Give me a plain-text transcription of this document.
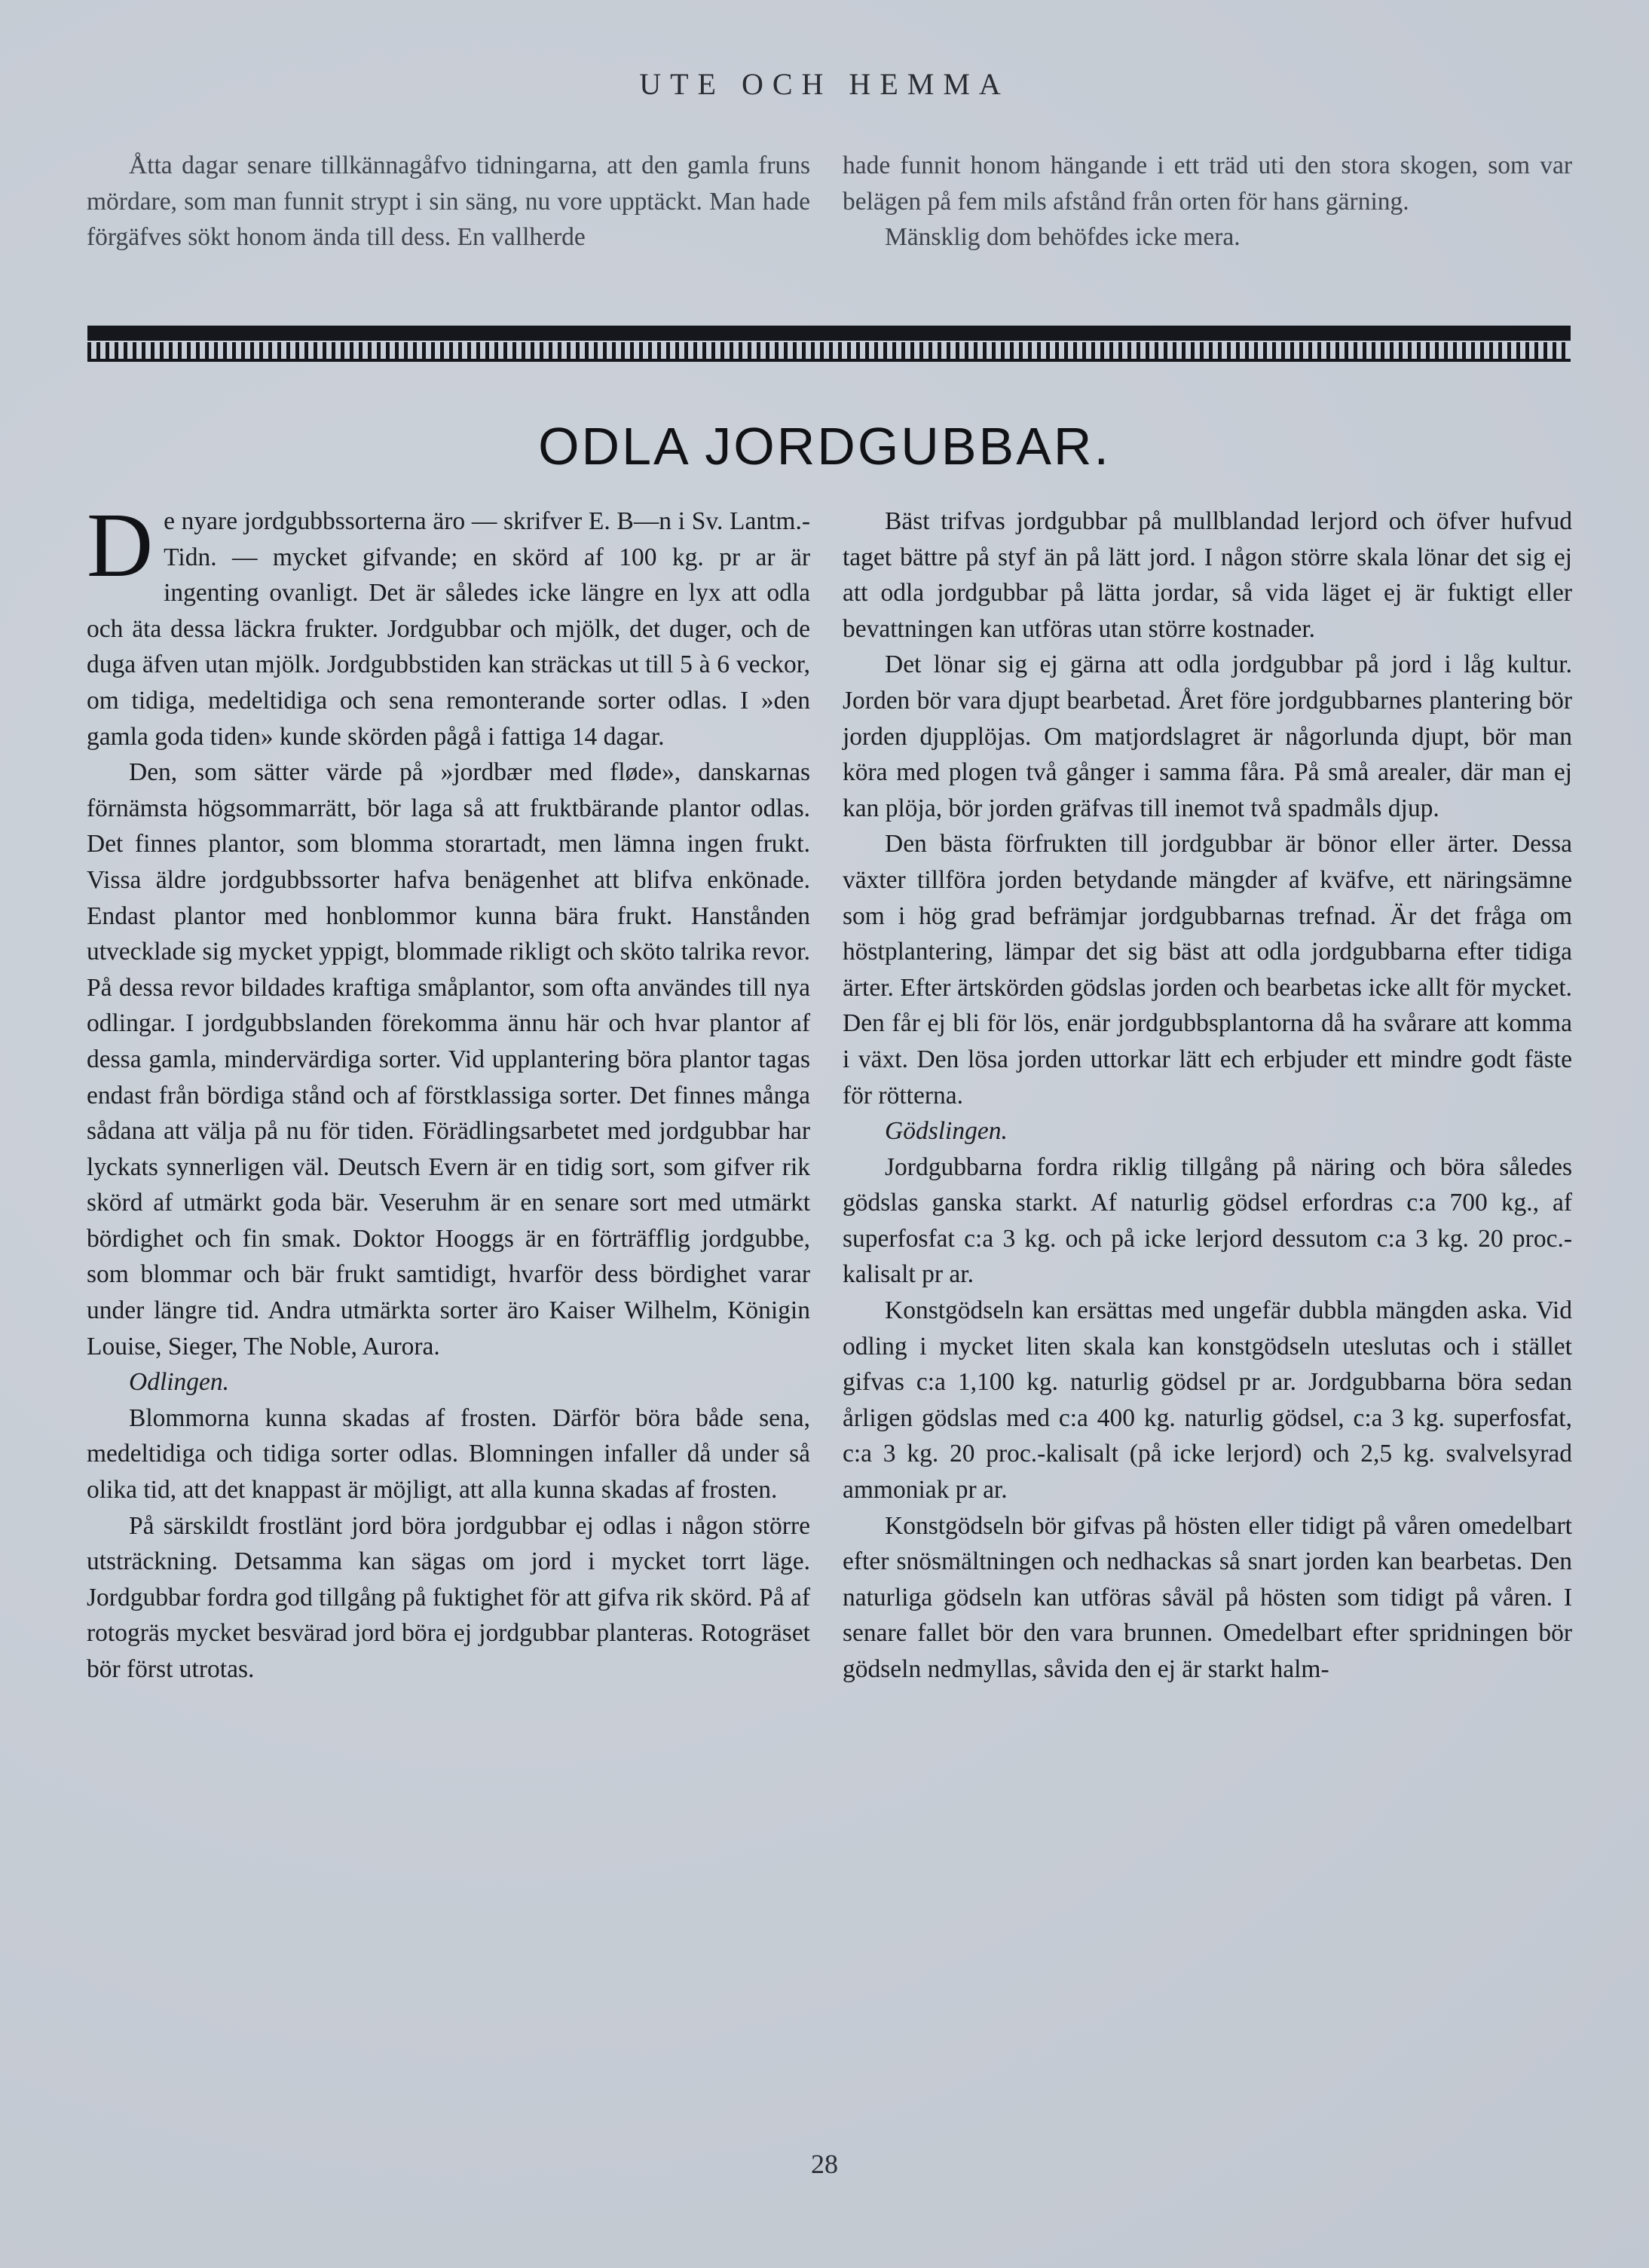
UTE OCH HEMMA

Åtta dagar senare tillkännagåfvo tidningarna, att den gamla fruns mördare, som man funnit strypt i sin säng, nu vore upptäckt. Man hade förgäfves sökt honom ända till dess. En vallherde

hade funnit honom hängande i ett träd uti den stora skogen, som var belägen på fem mils afstånd från orten för hans gärning.

Mänsklig dom behöfdes icke mera.

ODLA JORDGUBBAR.

De nyare jordgubbssorterna äro — skrifver E. B—n i Sv. Lantm.-Tidn. — mycket gifvande; en skörd af 100 kg. pr ar är ingenting ovanligt. Det är således icke längre en lyx att odla och äta dessa läckra frukter. Jordgubbar och mjölk, det duger, och de duga äfven utan mjölk. Jordgubbstiden kan sträckas ut till 5 à 6 veckor, om tidiga, medeltidiga och sena remonterande sorter odlas. I »den gamla goda tiden» kunde skörden pågå i fattiga 14 dagar.

Den, som sätter värde på »jordbær med fløde», danskarnas förnämsta högsommarrätt, bör laga så att fruktbärande plantor odlas. Det finnes plantor, som blomma storartadt, men lämna ingen frukt. Vissa äldre jordgubbssorter hafva benägenhet att blifva enkönade. Endast plantor med honblommor kunna bära frukt. Hanstånden utvecklade sig mycket yppigt, blommade rikligt och sköto talrika revor. På dessa revor bildades kraftiga småplantor, som ofta användes till nya odlingar. I jordgubbslanden förekomma ännu här och hvar plantor af dessa gamla, mindervärdiga sorter. Vid upplantering böra plantor tagas endast från bördiga stånd och af förstklassiga sorter. Det finnes många sådana att välja på nu för tiden. Förädlingsarbetet med jordgubbar har lyckats synnerligen väl. Deutsch Evern är en tidig sort, som gifver rik skörd af utmärkt goda bär. Veseruhm är en senare sort med utmärkt bördighet och fin smak. Doktor Hooggs är en förträfflig jordgubbe, som blommar och bär frukt samtidigt, hvarför dess bördighet varar under längre tid. Andra utmärkta sorter äro Kaiser Wilhelm, Königin Louise, Sieger, The Noble, Aurora.

Odlingen.

Blommorna kunna skadas af frosten. Därför böra både sena, medeltidiga och tidiga sorter odlas. Blomningen infaller då under så olika tid, att det knappast är möjligt, att alla kunna skadas af frosten.

På särskildt frostlänt jord böra jordgubbar ej odlas i någon större utsträckning. Detsamma kan sägas om jord i mycket torrt läge. Jordgubbar fordra god tillgång på fuktighet för att gifva rik skörd. På af rotogräs mycket besvärad jord böra ej jordgubbar planteras. Rotogräset bör först utrotas.

Bäst trifvas jordgubbar på mullblandad lerjord och öfver hufvud taget bättre på styf än på lätt jord. I någon större skala lönar det sig ej att odla jordgubbar på lätta jordar, så vida läget ej är fuktigt eller bevattningen kan utföras utan större kostnader.

Det lönar sig ej gärna att odla jordgubbar på jord i låg kultur. Jorden bör vara djupt bearbetad. Året före jordgubbarnes plantering bör jorden djupplöjas. Om matjordslagret är någorlunda djupt, bör man köra med plogen två gånger i samma fåra. På små arealer, där man ej kan plöja, bör jorden gräfvas till inemot två spadmåls djup.

Den bästa förfrukten till jordgubbar är bönor eller ärter. Dessa växter tillföra jorden betydande mängder af kväfve, ett näringsämne som i hög grad befrämjar jordgubbarnas trefnad. Är det fråga om höstplantering, lämpar det sig bäst att odla jordgubbarna efter tidiga ärter. Efter ärtskörden gödslas jorden och bearbetas icke allt för mycket. Den får ej bli för lös, enär jordgubbsplantorna då ha svårare att komma i växt. Den lösa jorden uttorkar lätt ech erbjuder ett mindre godt fäste för rötterna.

Gödslingen.

Jordgubbarna fordra riklig tillgång på näring och böra således gödslas ganska starkt. Af naturlig gödsel erfordras c:a 700 kg., af superfosfat c:a 3 kg. och på icke lerjord dessutom c:a 3 kg. 20 proc.-kalisalt pr ar.

Konstgödseln kan ersättas med ungefär dubbla mängden aska. Vid odling i mycket liten skala kan konstgödseln uteslutas och i stället gifvas c:a 1,100 kg. naturlig gödsel pr ar. Jordgubbarna böra sedan årligen gödslas med c:a 400 kg. naturlig gödsel, c:a 3 kg. superfosfat, c:a 3 kg. 20 proc.-kalisalt (på icke lerjord) och 2,5 kg. svalvelsyrad ammoniak pr ar.

Konstgödseln bör gifvas på hösten eller tidigt på våren omedelbart efter snösmältningen och nedhackas så snart jorden kan bearbetas. Den naturliga gödseln kan utföras såväl på hösten som tidigt på våren. I senare fallet bör den vara brunnen. Omedelbart efter spridningen bör gödseln nedmyllas, såvida den ej är starkt halm-

28
